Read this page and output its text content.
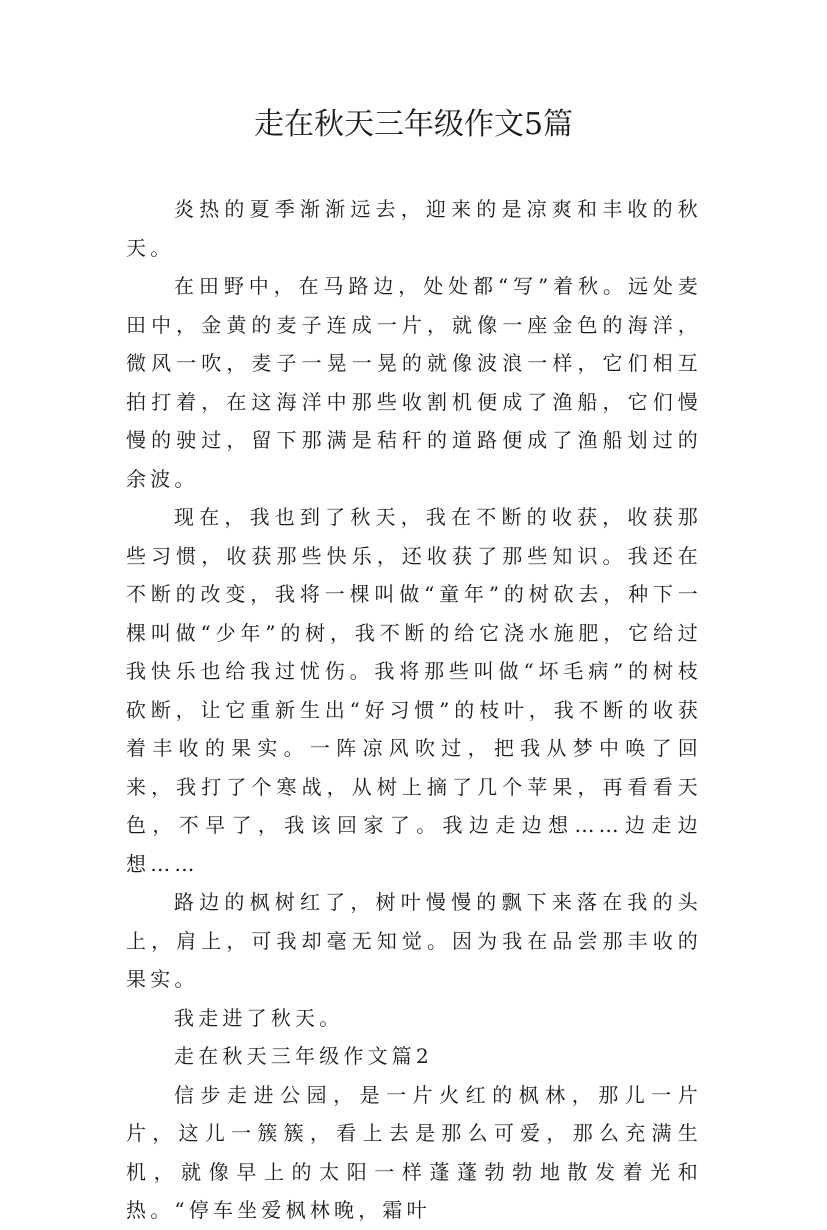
走在秋天三年级作文5篇

炎热的夏季渐渐远去，迎来的是凉爽和丰收的秋天。

在田野中，在马路边，处处都“写”着秋。远处麦田中，金黄的麦子连成一片，就像一座金色的海洋，微风一吹，麦子一晃一晃的就像波浪一样，它们相互拍打着，在这海洋中那些收割机便成了渔船，它们慢慢的驶过，留下那满是秸秆的道路便成了渔船划过的余波。

现在，我也到了秋天，我在不断的收获，收获那些习惯，收获那些快乐，还收获了那些知识。我还在不断的改变，我将一棵叫做“童年”的树砍去，种下一棵叫做“少年”的树，我不断的给它浇水施肥，它给过我快乐也给我过忧伤。我将那些叫做“坏毛病”的树枝砍断，让它重新生出“好习惯”的枝叶，我不断的收获着丰收的果实。一阵凉风吹过，把我从梦中唤了回来，我打了个寒战，从树上摘了几个苹果，再看看天色，不早了，我该回家了。我边走边想……边走边想……

路边的枫树红了，树叶慢慢的飘下来落在我的头上，肩上，可我却毫无知觉。因为我在品尝那丰收的果实。

我走进了秋天。

走在秋天三年级作文篇2

信步走进公园，是一片火红的枫林，那儿一片片，这儿一簇簇，看上去是那么可爱，那么充满生机，就像早上的太阳一样蓬蓬勃勃地散发着光和热。“停车坐爱枫林晚，霜叶
